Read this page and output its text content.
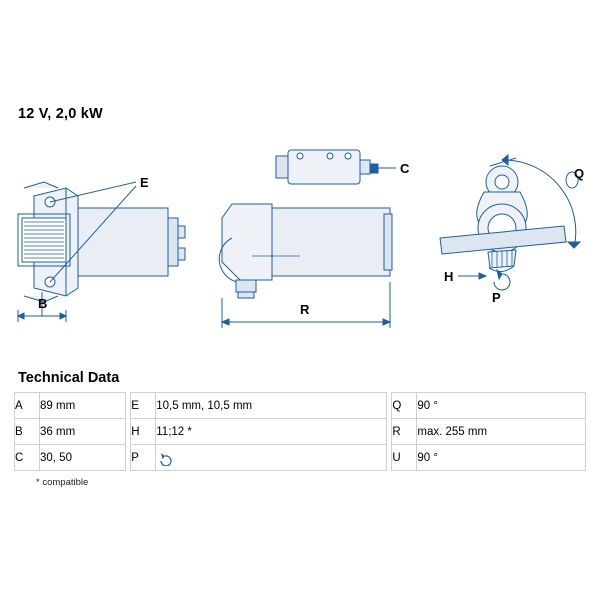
12 V, 2,0 kW
E
B
C
R
Q
H
P
Technical Data
A	89 mm		E	10,5 mm, 10,5 mm		Q	90 °
B	36 mm		H	11;12 *		R	max. 255 mm
C	30, 50		P			U	90 °
* compatible
